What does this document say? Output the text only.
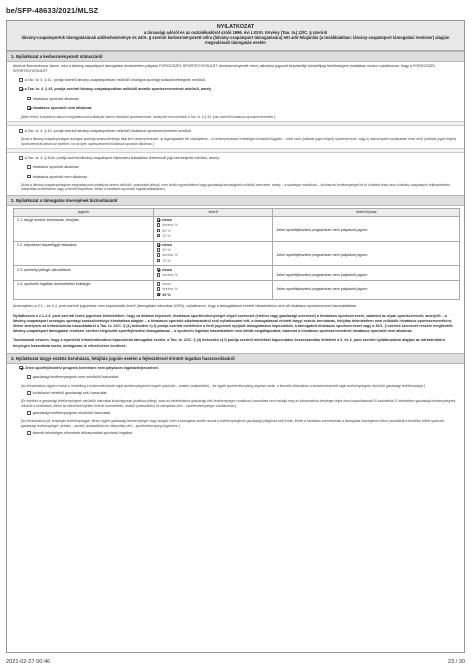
be/SFP-48633/2021/MLSZ
NYILATKOZAT
a társasági adóról és az osztalékadóról szóló 1996. évi LXXXI. törvény (Tao. tv.) 22/C. § szerinti
látvány-csapatsportok támogatásának adókedvezménye és 24/A. § szerinti kedvezményezett célra (látvány-csapatsport támogatására) tett adó-felajánlás (a továbbiakban: látvány-csapatsport támogatási rendszer) alapján megvalósuló támogatás esetén
1. Nyilatkozat a kedvezményezett státuszáról
Alulírott Bornemissza János, mint a látvány-csapatsport támogatási rendszerben pályázó FORGOSZÉL SPORTEGYESÜLET (kedvezményezett neve) aláírásra jogosult képviselője büntetőjogi felelősségem tudatában ezúton nyilatkozom, hogy a FORGOSZÉL SPORTEGYESÜLET
a Tao. tv. 4. § 41. pontja szerinti látvány-csapatsportban működő országos sportági szakszövetségnek minősül.
a Tao. tv. 4. § 43. pontja szerinti látvány-csapatsportban működő amatőr sportszervezetnek minősül, amely
hivatásos sportolót alkalmaz
hivatásos sportolót nem alkalmaz
[Áttér ehhez a lépéshez tartozó meghatározott szabályok szerint minősülő sportszervezet, amelynek nem minősül a Tao. tv. 4.§ 43. pont szerinti hivatásos sportszervezetnek.]
a Tao. tv. 4. § 43. pontja szerinti látvány-csapatsportban működő hivatásos sportszervezetnek minősül.
[Azaz a látvány-csapatsportágak országos sportági szakszövetsége által kiírt versenyrendszer: a) legmagasabb két osztályában – a versenyrendszer lehetséges kiírásától függően – részt vevő (indulási jogot elnyert) sportszervezet, vagy b) alacsonyabb osztályában részt vevő (indulási jogot elnyert) sportszervezet abban az esetben, ha az ilyen sportszervezet hivatásos sportolót alkalmaz.]
a Tao. tv. 4. § 40/a. pontja szerinti látvány-csapatsport fejlesztési feladatban létrehozott jogi személynek minősül, amely:
hivatásos sportolót alkalmaz
hivatásos sportolót nem alkalmaz
[Azaz a látvány-csapatsportágban meghatározott szabályok szerint működő, szakosított jellegű, nem önálló egyesületként vagy gazdasági társaságként működő szervezet, amely – a sportágra vonatkozó – közhasznú tevékenységet lát el, továbbá részt vesz a látvány-csapatsport fejlesztésében, utánpótlás-nevelésében vagy a felnőtt élsportban, illetve a hivatásos sportolók foglalkoztatásában.]
2. Nyilatkozat a támogatás önerejének biztosításáról
jogcím	önerő	önerő típusa
2.1. tárgyi eszköz beruházás, felújítás	nincs
önrész %
50 %
70 %	Jelen sportfejlesztési programban nem pályázott jogcím
2.2. képzéssel összefüggő feladatok	nincs
30 %
önrész %
75 %	Jelen sportfejlesztési programban nem pályázott jogcím
2.3. személyi jellegű ráfordítások	nincs
önrész %	Jelen sportfejlesztési programban nem pályázott jogcím
2.4. sportcélú ingatlan üzemeltetési költségei	nincs
önrész %
20 %	Jelen sportfejlesztési programban nem pályázott jogcím
Amennyiben a 2.1 – és 2.4. pont szerinti jogcímhez nem kapcsolódik önerő (támogatási intenzitás 100%), nyilatkozom, hogy a támogatással érintett infrastruktúra nem áll hivatásos sportszervezet használatában.
Nyilatkozom a 2.1-2.4. pont szerinti forint jogcímek tekintetében, hogy az általam képviselt, hivatásos sportlevékenységet végző szervezet (értelmi vagy gazdasági szervezet) a hivatásos sportszervezet, valamint az olyan sportszervezet, amelyről – a látvány-csapatsport országos sportági szakszövetsége kimutatása alapján – a hivatásos sportoló alkalmazásáról szól nyilatkozatot tett, a támogatással érintett tárgyi eszköz beruházás, felújítás tekintetében nem működik hivatásos sportszervezetként, illetve amelynek az infrastruktúra használatáról a Tao. tv. 22/C. § (4) bekezdés c)-f) pontja szerinti mértékben a fenti jogcímek nyújtott támogatáshoz kapcsolódó, a támogatott hivatásos sportszervezet vagy a 30/1. § szerinti szervezet részére megfizetett látvány-csapatsport támogatási rendszer szerinti kiegészítő sportfejlesztési támogatással – a sportcélú ingatlan használatáról nem kötött megállapodást, valamint a hivatásos sportszervezetnek hivatásos sportolót nem alkalmaz.
Tudomással veszem, hogy a sportcélú infrastruktúrához kapcsolódó támogatás esetén, a Tao. tv. 22/C. § (4) bekezdés e)-f) pontja szerinti mértékkel kapcsolatos összeszámítás feltételei a 3. és 4. pont szerinti nyilatkozatom alapján az infrastruktúra tényleges használata során, utólagosan is ellenőrzésre kerülnek.
3. Nyilatkozat tárgyi eszköz beruházás, felújítás jogcím esetén a fejlesztéssel érintett ingatlan hasznosításáról
Jelen sportfejlesztési program keretében nem pályázom ingatlanfejlesztésre.
gazdasági tevékenységnek nem minősülő használat:
[Az infrastruktúra ügyben mutat a, területileg a kedvezményezett saját tevékenységének végzett sportcélú – amatőr (szabadidős) – és egyéb sporttevékenység végzése során, a fennálló időszakban a kedvezményezett saját tevékenységnek minősülő gazdasági tevékenységet.]
korlátozott mértékű gazdasági célú használat:
[Ez esetben a gazdasági tevékenységnek minősülő használat kizárólagosan járulékos jellegű, azaz az infrastruktúra gazdasági célú tevékenységre vonatkozó használata nem haladja meg az infrastruktúra tényleges teljes éves kapacitásának 20 százalékát. E tekintetben gazdasági tevékenységnek minősül a bérbeadás, illetve az ellenérték fejében történő üzemeltetés; amatőr (szabadidős) és utánpótlás célú – sporttevékenységre vonatkozóan.]
gazdasági tevékenységnek minősülő használat:
[Az infrastruktúra jól, tényleges tevékenységgel, illetve egyéb gazdasági tevékenységre vagy szolgál, ezért a támogatás esetén annak a tevékenységének gazdasági jellegűnek kell lennie, illetve a hivatásos szervezetnek a támogatás összegének kilenc százalékát a területén kötött sportcélú gazdasági tevékenységre, például – amatőr (szabadidős) és utánpótlás célú – sporttevékenység végzésére.]
kiemelt lehetséges ellenérték felhasználási sportcélú ingatlan
2021-02-27 00:46	23 / 30
